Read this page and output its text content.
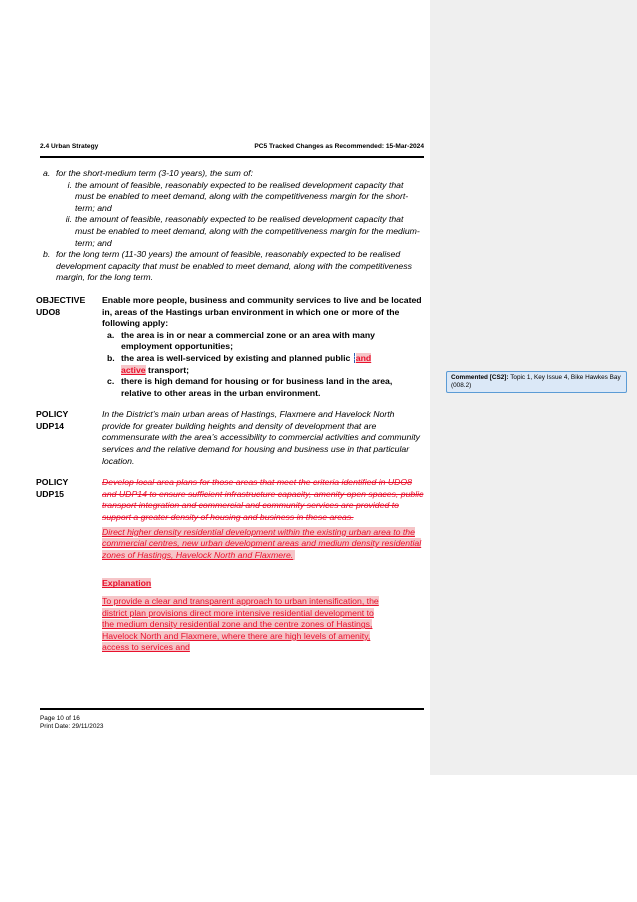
2.4 Urban Strategy	PC5 Tracked Changes as Recommended: 15-Mar-2024
a. for the short-medium term (3-10 years), the sum of:
i. the amount of feasible, reasonably expected to be realised development capacity that must be enabled to meet demand, along with the competitiveness margin for the short-term; and
ii. the amount of feasible, reasonably expected to be realised development capacity that must be enabled to meet demand, along with the competitiveness margin for the medium-term; and
b. for the long term (11-30 years) the amount of feasible, reasonably expected to be realised development capacity that must be enabled to meet demand, along with the competitiveness margin, for the long term.
OBJECTIVE
UDO8
Enable more people, business and community services to live and be located in, areas of the Hastings urban environment in which one or more of the following apply:
a. the area is in or near a commercial zone or an area with many employment opportunities;
b. the area is well-serviced by existing and planned public and
active transport;
c. there is high demand for housing or for business land in the area, relative to other areas in the urban environment.
POLICY
UDP14
In the District’s main urban areas of Hastings, Flaxmere and Havelock North provide for greater building heights and density of development that are commensurate with the area’s accessibility to commercial activities and community services and the relative demand for housing and business use in that particular location.
POLICY
UDP15
Develop local area plans for those areas that meet the criteria identified in UDO8 and UDP14 to ensure sufficient infrastructure capacity, amenity open spaces, public transport integration and commercial and community services are provided to support a greater density of housing and business in these areas.
Direct higher density residential development within the existing urban area to the commercial centres, new urban development areas and medium density residential zones of Hastings, Havelock North and Flaxmere.

Explanation

To provide a clear and transparent approach to urban intensification, the district plan provisions direct more intensive residential development to the medium density residential zone and the centre zones of Hastings, Havelock North and Flaxmere, where there are high levels of amenity, access to services and

Page 10 of 16
Print Date: 29/11/2023
Commented [CS2]: Topic 1, Key Issue 4, Bike Hawkes Bay (008.2)
